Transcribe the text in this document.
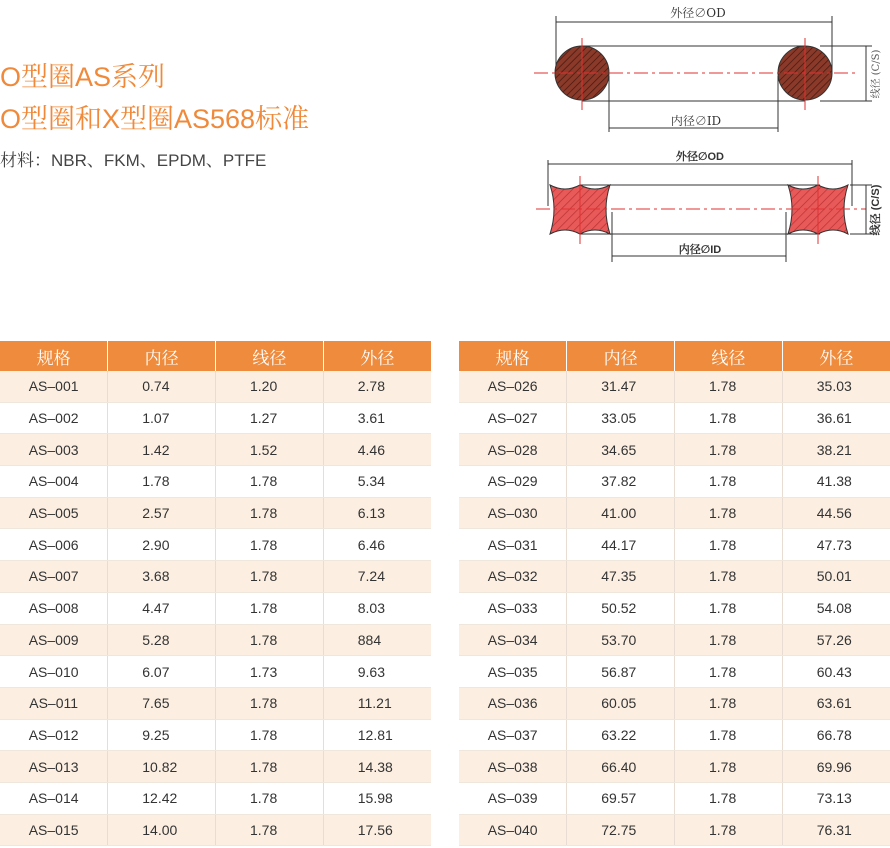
O型圈AS系列
O型圈和X型圈AS568标准
材料：NBR、FKM、EPDM、PTFE
外径∅OD
内径∅ID
线径 (C/S)
外径∅OD
内径∅ID
线径 (C/S)
规格	内径	线径	外径
AS–001	0.74	1.20	2.78
AS–002	1.07	1.27	3.61
AS–003	1.42	1.52	4.46
AS–004	1.78	1.78	5.34
AS–005	2.57	1.78	6.13
AS–006	2.90	1.78	6.46
AS–007	3.68	1.78	7.24
AS–008	4.47	1.78	8.03
AS–009	5.28	1.78	884
AS–010	6.07	1.73	9.63
AS–011	7.65	1.78	11.21
AS–012	9.25	1.78	12.81
AS–013	10.82	1.78	14.38
AS–014	12.42	1.78	15.98
AS–015	14.00	1.78	17.56
规格	内径	线径	外径
AS–026	31.47	1.78	35.03
AS–027	33.05	1.78	36.61
AS–028	34.65	1.78	38.21
AS–029	37.82	1.78	41.38
AS–030	41.00	1.78	44.56
AS–031	44.17	1.78	47.73
AS–032	47.35	1.78	50.01
AS–033	50.52	1.78	54.08
AS–034	53.70	1.78	57.26
AS–035	56.87	1.78	60.43
AS–036	60.05	1.78	63.61
AS–037	63.22	1.78	66.78
AS–038	66.40	1.78	69.96
AS–039	69.57	1.78	73.13
AS–040	72.75	1.78	76.31
